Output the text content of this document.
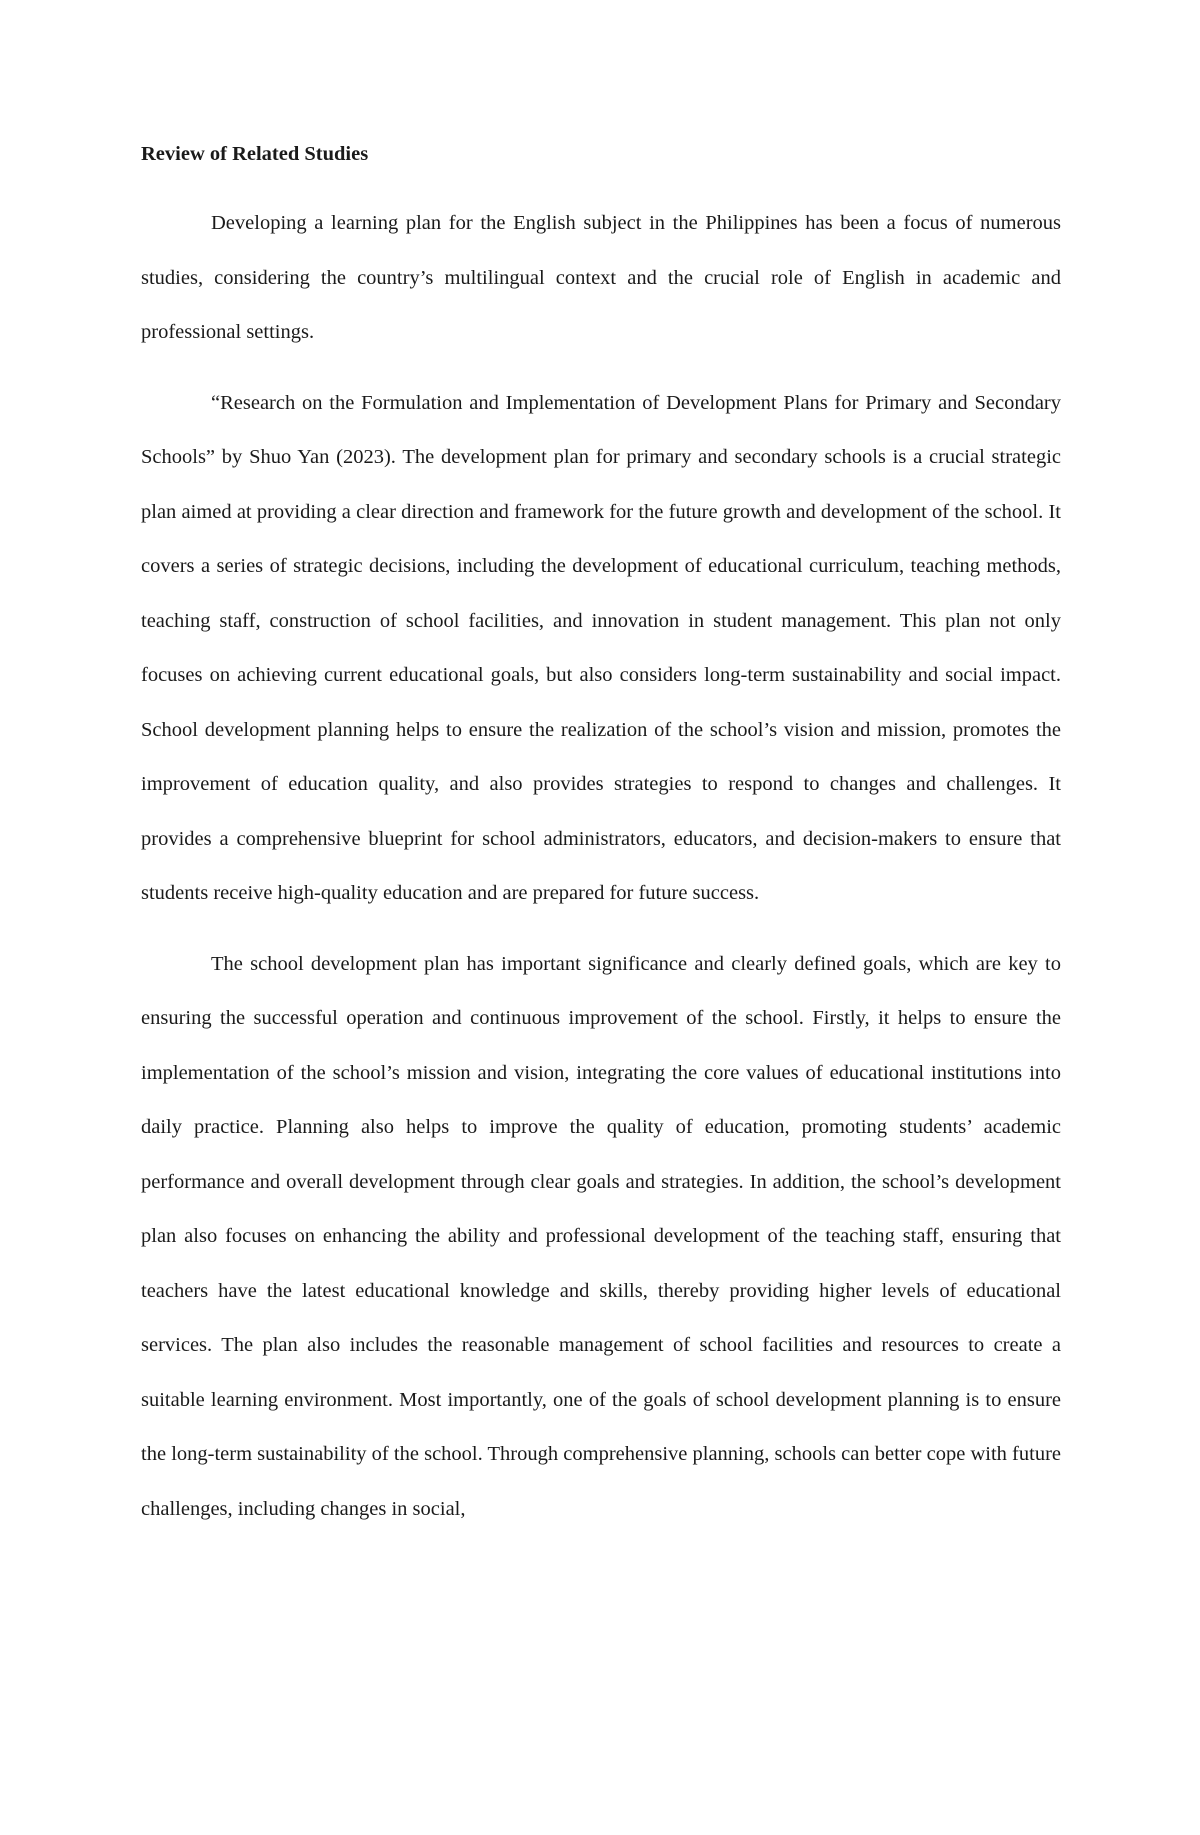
Review of Related Studies

Developing a learning plan for the English subject in the Philippines has been a focus of numerous studies, considering the country’s multilingual context and the crucial role of English in academic and professional settings.

“Research on the Formulation and Implementation of Development Plans for Primary and Secondary Schools” by Shuo Yan (2023). The development plan for primary and secondary schools is a crucial strategic plan aimed at providing a clear direction and framework for the future growth and development of the school. It covers a series of strategic decisions, including the development of educational curriculum, teaching methods, teaching staff, construction of school facilities, and innovation in student management. This plan not only focuses on achieving current educational goals, but also considers long-term sustainability and social impact. School development planning helps to ensure the realization of the school’s vision and mission, promotes the improvement of education quality, and also provides strategies to respond to changes and challenges. It provides a comprehensive blueprint for school administrators, educators, and decision-makers to ensure that students receive high-quality education and are prepared for future success.

The school development plan has important significance and clearly defined goals, which are key to ensuring the successful operation and continuous improvement of the school. Firstly, it helps to ensure the implementation of the school’s mission and vision, integrating the core values of educational institutions into daily practice. Planning also helps to improve the quality of education, promoting students’ academic performance and overall development through clear goals and strategies. In addition, the school’s development plan also focuses on enhancing the ability and professional development of the teaching staff, ensuring that teachers have the latest educational knowledge and skills, thereby providing higher levels of educational services. The plan also includes the reasonable management of school facilities and resources to create a suitable learning environment. Most importantly, one of the goals of school development planning is to ensure the long-term sustainability of the school. Through comprehensive planning, schools can better cope with future challenges, including changes in social,
